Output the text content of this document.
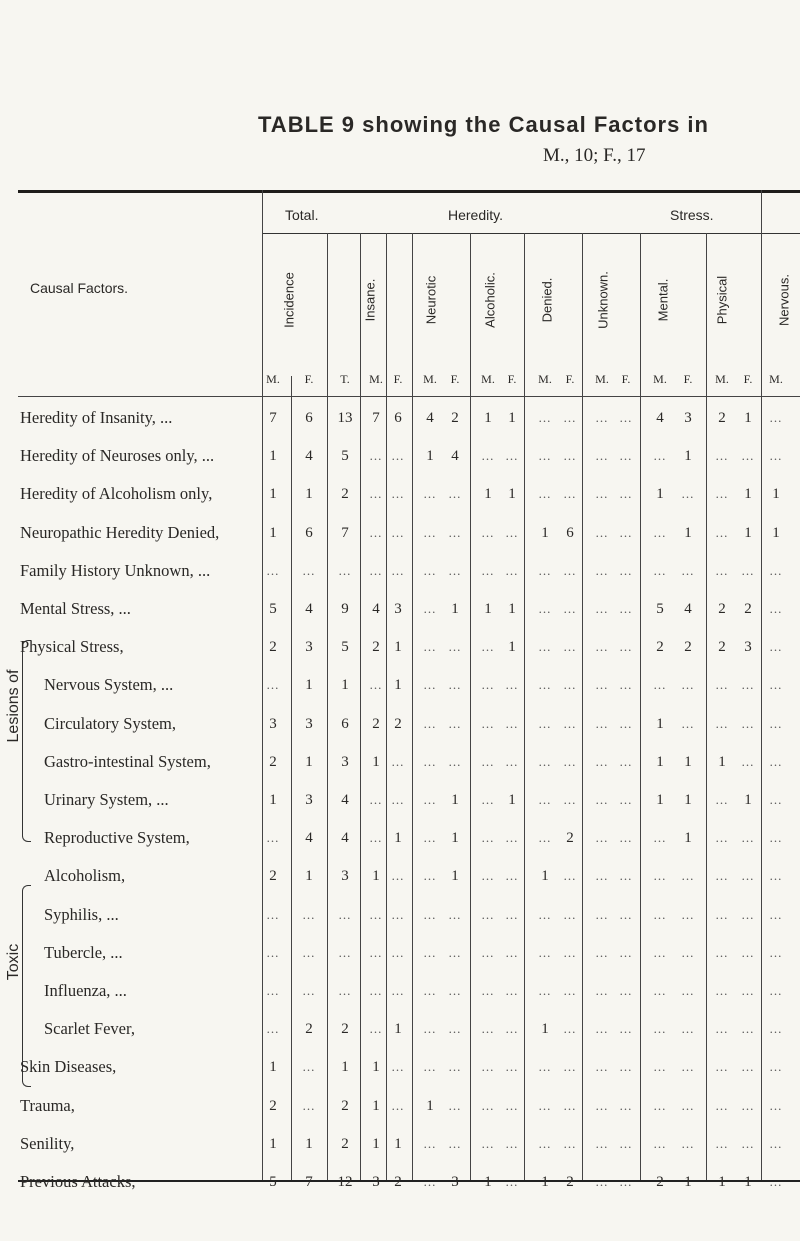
TABLE 9 showing the Causal Factors in
M., 10; F., 17
Causal Factors.
Total.	Heredity.	Stress.
Incidence	Insane.	Neurotic	Alcoholic.	Denied.	Unknown.	Mental.	Physical	Nervous.
Lesions of
Toxic
M. F. T. M. F. M. F. M. F. M. F. M. F. M. F. M. F. M.
Heredity of Insanity, ...	7 6 13 7 6 4 2 1 1 ... ... ... ... 4 3 2 1 ...
Heredity of Neuroses only, ...	1 4 5 ... ... 1 4 ... ... ... ... ... ... ... 1 ... ... ...
Heredity of Alcoholism only,	1 1 2 ... ... ... ... 1 1 ... ... ... ... 1 ... ... 1 1
Neuropathic Heredity Denied,	1 6 7 ... ... ... ... ... ... 1 6 ... ... ... 1 ... 1 1
Family History Unknown, ...	... ... ... ... ... ... ... ... ... ... ... ... ... ... ... ... ... ...
Mental Stress, ...	5 4 9 4 3 ... 1 1 1 ... ... ... ... 5 4 2 2 ...
Physical Stress,	2 3 5 2 1 ... ... ... 1 ... ... ... ... 2 2 2 3 ...
Nervous System, ...	... 1 1 ... 1 ... ... ... ... ... ... ... ... ... ... ... ... ...
Circulatory System,	3 3 6 2 2 ... ... ... ... ... ... ... ... 1 ... ... ... ...
Gastro-intestinal System,	2 1 3 1 ... ... ... ... ... ... ... ... ... 1 1 1 ... ...
Urinary System, ...	1 3 4 ... ... ... 1 ... 1 ... ... ... ... 1 1 ... 1 ...
Reproductive System,	... 4 4 ... 1 ... 1 ... ... ... 2 ... ... ... 1 ... ... ...
Alcoholism,	2 1 3 1 ... ... 1 ... ... 1 ... ... ... ... ... ... ... ...
Syphilis, ...	... ... ... ... ... ... ... ... ... ... ... ... ... ... ... ... ... ...
Tubercle, ...	... ... ... ... ... ... ... ... ... ... ... ... ... ... ... ... ... ...
Influenza, ...	... ... ... ... ... ... ... ... ... ... ... ... ... ... ... ... ... ...
Scarlet Fever,	... 2 2 ... 1 ... ... ... ... 1 ... ... ... ... ... ... ... ...
Skin Diseases,	1 ... 1 1 ... ... ... ... ... ... ... ... ... ... ... ... ... ...
Trauma,	2 ... 2 1 ... 1 ... ... ... ... ... ... ... ... ... ... ... ...
Senility,	1 1 2 1 1 ... ... ... ... ... ... ... ... ... ... ... ... ...
Previous Attacks,	5 7 12 3 2 ... 3 1 ... 1 2 ... ... 2 1 1 1 ...
